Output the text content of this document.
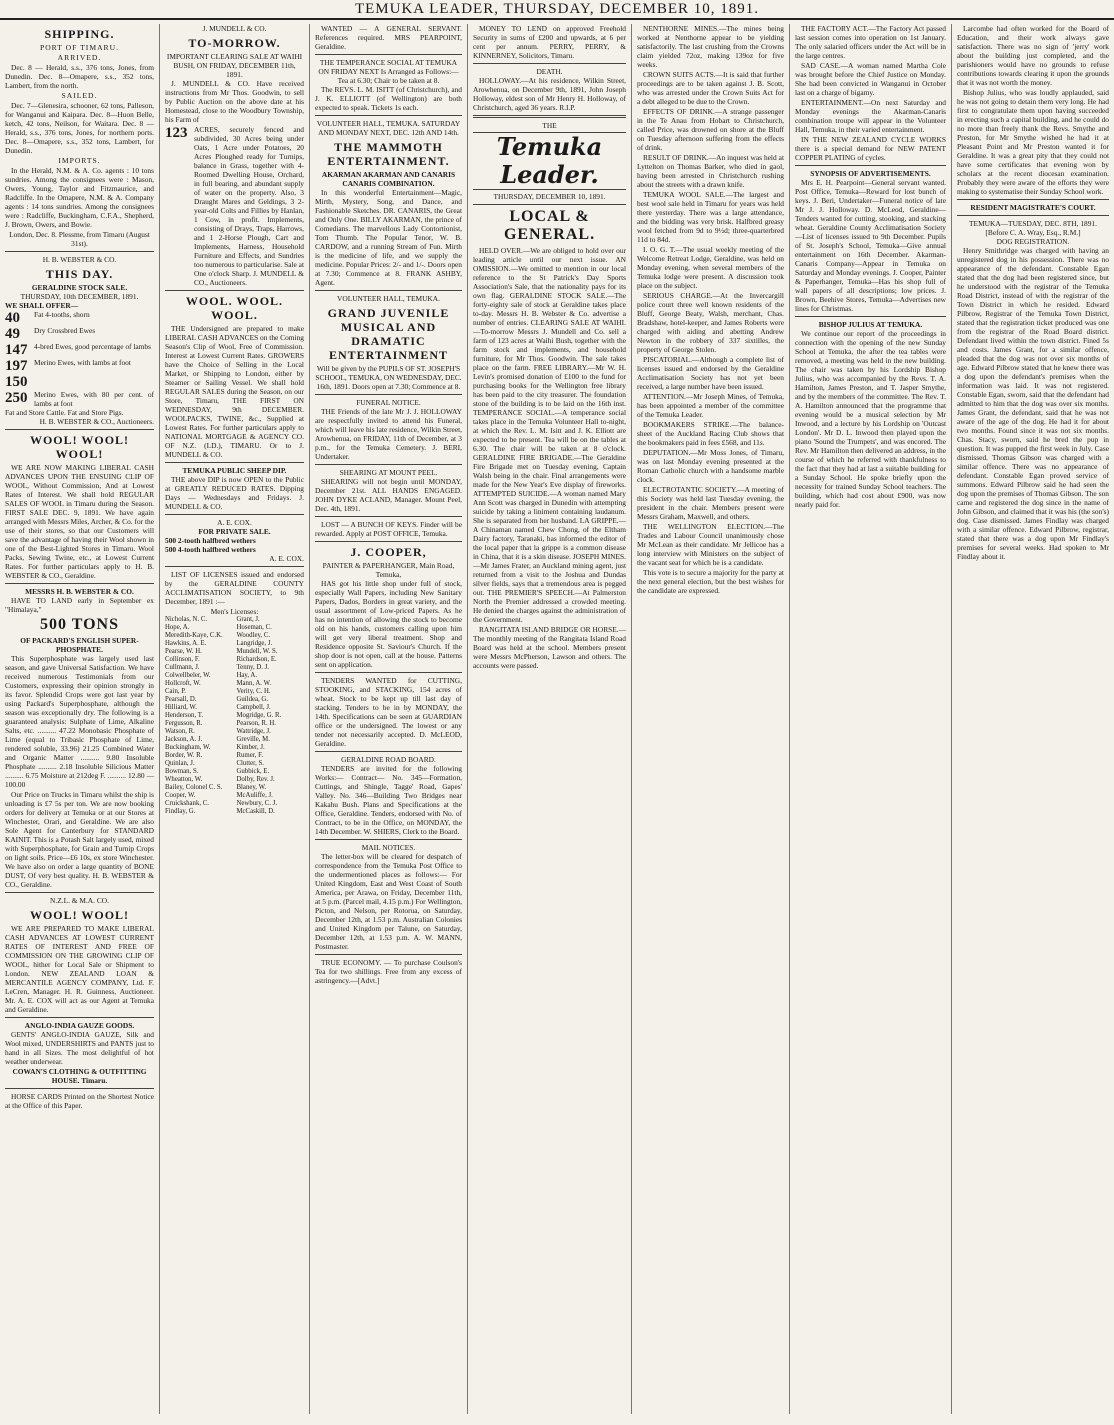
TEMUKA LEADER, THURSDAY, DECEMBER 10, 1891.
SHIPPING.
PORT OF TIMARU.
ARRIVED.
Dec. 8 — Herald, s.s., 376 tons, Jones, from Dunedin. Dec. 8—Omapere, s.s., 352 tons, Lambert, from the north.
SAILED.
Dec. 7—Glenesira, schooner, 62 tons, Palleson, for Wanganui and Kaipara. Dec. 8—Huon Belle, ketch, 42 tons, Neilson, for Waitara. Dec. 8 — Herald, s.s., 376 tons, Jones, for northern ports. Dec. 8—Omapere, s.s., 352 tons, Lambert, for Dunedin.
IMPORTS.
In the Herald, N.M. & A. Co. agents : 10 tons sundries. Among the consignees were : Mason, Owers, Young, Taylor and Fitzmaurice, and Radcliffe. In the Omapere, N.M. & A. Company agents : 14 tons sundries. Among the consignees were : Radcliffe, Buckingham, C.F.A., Shepherd, J. Brown, Owers, and Bowie.
London, Dec. 8. Plessme, from Timaru (August 31st).
H. B. WEBSTER & CO.
THIS DAY.
GERALDINE STOCK SALE.
THURSDAY, 10th DECEMBER, 1891.
WE SHALL OFFER—
40	Fat 4-tooths, shorn
49	Dry Crossbred Ewes
147 4-bred Ewes, good percentage of lambs
197 Merino Ewes, with lambs at foot
150
250 Merino Ewes, with 80 per cent. of lambs at foot
Fat and Store Cattle. Fat and Store Pigs.
H. B. WEBSTER & CO., Auctioneers.
WOOL! WOOL! WOOL!
WE ARE NOW MAKING LIBERAL CASH ADVANCES UPON THE ENSUING CLIP OF WOOL, Without Commission, And at Lowest Rates of Interest. We shall hold REGULAR SALES OF WOOL in Timaru during the Season. FIRST SALE DEC. 9, 1891. We have again arranged with Messrs Miles, Archer, & Co. for the use of their stores, so that our Customers will save the advantage of having their Wool shown in one of the Best-Lighted Stores in Timaru. Wool Packs, Sewing Twine, etc., at Lowest Current Rates. For further particulars apply to H. B. WEBSTER & CO., Geraldine.
MESSRS H. B. WEBSTER & CO.
HAVE TO LAND early in September ex "Himalaya,"
500 TONS
OF PACKARD'S ENGLISH SUPER-PHOSPHATE.
This Superphosphate was largely used last season, and gave Universal Satisfaction. We have received numerous Testimonials from our Customers, expressing their opinion strongly in its favor. Splendid Crops were got last year by using Packard's Superphosphate, although the season was exceptionally dry. The following is a guaranteed analysis: Sulphate of Lime, Alkaline Salts, etc. .......... 47.22 Monobasic Phosphate of Lime (equal to Tribasic Phosphate of Lime, rendered soluble, 33.96) 21.25 Combined Water and Organic Matter .......... 9.80 Insoluble Phosphate .......... 2.18 Insoluble Silicious Matter .......... 6.75 Moisture at 212deg F. .......... 12.80 — 100.00
Our Price on Trucks in Timaru whilst the ship is unloading is £7 5s per ton. We are now booking orders for delivery at Temuka or at our Stores at Winchester, Orari, and Geraldine. We are also Sole Agent for Canterbury for STANDARD KAINIT. This is a Potash Salt largely used, mixed with Superphosphate, for Grain and Turnip Crops on light soils. Price—£6 10s, ex store Winchester. We have also on order a large quantity of BONE DUST, Of very best quality. H. B. WEBSTER & CO., Geraldine.
N.Z.L. & M.A. CO.
WOOL! WOOL!
WE ARE PREPARED TO MAKE LIBERAL CASH ADVANCES AT LOWEST CURRENT RATES OF INTEREST AND FREE OF COMMISSION ON THE GROWING CLIP OF WOOL, hither for Local Sale or Shipment to London. NEW ZEALAND LOAN & MERCANTILE AGENCY COMPANY, Ltd. F. LeCren, Manager. H. R. Guinness, Auctioneer. Mr. A. E. COX will act as our Agent at Temuka and Geraldine.
ANGLO-INDIA GAUZE GOODS.
GENTS' ANGLO-INDIA GAUZE, Silk and Wool mixed, UNDERSHIRTS and PANTS just to hand in all Sizes. The most delightful of hot weather underwear.
COWAN'S CLOTHING & OUTFITTING HOUSE. Timaru.
HORSE CARDS Printed on the Shortest Notice at the Office of this Paper.
J. MUNDELL & CO.
TO-MORROW.
IMPORTANT CLEARING SALE AT WAIHI BUSH, ON FRIDAY, DECEMBER 11th, 1891.
J. MUNDELL & CO. Have received instructions from Mr Thos. Goodwin, to sell by Public Auction on the above date at his Homestead, close to the Woodbury Township, his Farm of
123 ACRES, securely fenced and subdivided, 30 Acres being under Oats, 1 Acre under Potatoes, 20 Acres Ploughed ready for Turnips, balance in Grass, together with 4-Roomed Dwelling House, Orchard, in full bearing, and abundant supply of water on the property. Also, 3 Draught Mares and Geldings, 3 2-year-old Colts and Fillies by Hanlan, 1 Cow, in profit. Implements, consisting of Drays, Traps, Harrows, and 1 2-Horse Plough, Cart and Implements, Harness, Household Furniture and Effects, and Sundries too numerous to particularise. Sale at One o'clock Sharp. J. MUNDELL & CO., Auctioneers.
WOOL. WOOL. WOOL.
THE Undersigned are prepared to make LIBERAL CASH ADVANCES on the Coming Season's Clip of Wool, Free of Commission. Interest at Lowest Current Rates. GROWERS have the Choice of Selling in the Local Market, or Shipping to London, either by Steamer or Sailing Vessel. We shall hold REGULAR SALES during the Season, on our Store, Timaru, THE FIRST ON WEDNESDAY, 9th DECEMBER. WOOLPACKS, TWINE, &c., Supplied at Lowest Rates. For further particulars apply to NATIONAL MORTGAGE & AGENCY CO. OF N.Z. (LD.), TIMARU. Or to J. MUNDELL & CO.
TEMUKA PUBLIC SHEEP DIP.
THE above DIP is now OPEN to the Public at GREATLY REDUCED RATES. Dipping Days — Wednesdays and Fridays. J. MUNDELL & CO.
A. E. COX.
FOR PRIVATE SALE.
500 2-tooth halfbred wethers
500 4-tooth halfbred wethers
A. E. COX.
LIST OF LICENSES issued and endorsed by the GERALDINE COUNTY ACCLIMATISATION SOCIETY, to 9th December, 1891 :—
Men's Licenses:
Nicholas, N. C.	Grant, J.
Hope, A.	Hoseman, C.
Meredith-Kaye, C.K.	Woodley, C.
Hawkins, A. E.	Langridge, J.
Pearse, W. H.	Mundell, W. S.
Collinson, F.	Richardson, E.
Cullmann, J.	Tenny, D. J.
Colwellbeler, W.	Hay, A.
Hollcroft, W.	Mann, A. W.
Cain, P.	Verity, C. H.
Pearsall, D.	Guildea, G.
Hilliard, W.	Campbell, J.
Henderson, T.	Mogridge, G. R.
Fergusson, R.	Pearson, R. H.
Watson, R.	Wattridge, J.
Jackson, A. J.	Greville, M.
Buckingham, W.	Kimber, J.
Border, W. R.	Rumer, F.
Quinlan, J.	Clutter, S.
Bowman, S.	Gubbick, E.
Wheatton, W.	Dolby, Rev. J.
Bailey, Colonel C. S.	Blaney, W.
Cooper, W.	McAuliffe, J.
Cruickshank, C.	Newbury, C. J.
Findlay, G.	McCaskill, D.
WANTED — A GENERAL SERVANT. References required. MRS PEARPOINT, Geraldine.
THE TEMPERANCE SOCIAL AT TEMUKA ON FRIDAY NEXT Is Arranged as Follows:— Tea at 6.30; Chair to be taken at 8.
The REVS. L. M. ISITT (of Christchurch), and J. K. ELLIOTT (of Wellington) are both expected to speak. Tickets 1s each.
VOLUNTEER HALL, TEMUKA. SATURDAY AND MONDAY NEXT, DEC. 12th AND 14th.
THE MAMMOTH ENTERTAINMENT.
AKARMAN AKARMAN AND CANARIS CANARIS COMBINATION.
In this wonderful Entertainment—Magic, Mirth, Mystery, Song, and Dance, and Fashionable Sketches. DR. CANARIS, the Great and Only One. BILLY AKARMAN, the prince of Comedians. The marvellous Lady Contortionist, Tom Thumb. The Popular Tenor, W. B. CARDOW, and a running Stream of Fun. Mirth is the medicine of life, and we supply the medicine. Popular Prices: 2/- and 1/-. Doors open at 7.30; Commence at 8. FRANK ASHBY, Agent.
VOLUNTEER HALL, TEMUKA.
GRAND JUVENILE MUSICAL AND DRAMATIC ENTERTAINMENT
Will be given by the PUPILS OF ST. JOSEPH'S SCHOOL, TEMUKA, ON WEDNESDAY, DEC. 16th, 1891. Doors open at 7.30; Commence at 8.
FUNERAL NOTICE.
THE Friends of the late Mr J. J. HOLLOWAY are respectfully invited to attend his Funeral, which will leave his late residence, Wilkin Street, Arowhenua, on FRIDAY, 11th of December, at 3 p.m., for the Temuka Cemetery. J. BERI, Undertaker.
SHEARING AT MOUNT PEEL.
SHEARING will not begin until MONDAY, December 21st. ALL HANDS ENGAGED. JOHN DYKE ACLAND, Manager. Mount Peel, Dec. 4th, 1891.
LOST — A BUNCH OF KEYS. Finder will be rewarded. Apply at POST OFFICE, Temuka.
J. COOPER,
PAINTER & PAPERHANGER, Main Road, Temuka,
HAS got his little shop under full of stock, especially Wall Papers, including New Sanitary Papers, Dados, Borders in great variety, and the usual assortment of Low-priced Papers. As he has no intention of allowing the stock to become old on his hands, customers calling upon him will get very liberal treatment. Shop and Residence opposite St. Saviour's Church. If the shop door is not open, call at the house. Patterns sent on application.
TENDERS WANTED for CUTTING, STOOKING, and STACKING, 154 acres of wheat. Stock to be kept up till last day of stacking. Tenders to be in by MONDAY, the 14th. Specifications can be seen at GUARDIAN office or the undersigned. The lowest or any tender not necessarily accepted. D. McLEOD, Geraldine.
GERALDINE ROAD BOARD.
TENDERS are invited for the following Works:— Contract— No. 345—Formation, Cuttings, and Shingle, Tagge' Road, Gapes' Valley. No. 346—Building Two Bridges near Kakahu Bush. Plans and Specifications at the Office, Geraldine. Tenders, endorsed with No. of Contract, to be in the Office, on MONDAY, the 14th December. W. SHIERS, Clerk to the Board.
MAIL NOTICES.
The letter-box will be cleared for despatch of correspondence from the Temuka Post Office to the undermentioned places as follows:— For United Kingdom, East and West Coast of South America, per Arawa, on Friday, December 11th, at 5 p.m. (Parcel mail, 4.15 p.m.) For Wellington, Picton, and Nelson, per Rotorua, on Saturday, December 12th, at 1.53 p.m. Australian Colonies and United Kingdom per Talune, on Saturday, December 12th, at 1.53 p.m. A. W. MANN, Postmaster.
TRUE ECONOMY. — To purchase Coulson's Tea for two shillings. Free from any excess of astringency.—[Advt.]
MONEY TO LEND on approved Freehold Security in sums of £200 and upwards, at 6 per cent per annum. PERRY, PERRY, & KINNERNEY, Solicitors, Timaru.
DEATH.
HOLLOWAY.—At his residence, Wilkin Street, Arowhenua, on December 9th, 1891, John Joseph Holloway, eldest son of Mr Henry H. Holloway, of Christchurch, aged 36 years. R.I.P.
THE
Temuka Leader.
THURSDAY, DECEMBER 10, 1891.
LOCAL & GENERAL.
HELD OVER.—We are obliged to hold over our leading article until our next issue. AN OMISSION.—We omitted to mention in our local reference to the St Patrick's Day Sports Association's Sale, that the nationality pays for its own flag. GERALDINE STOCK SALE.—The forty-eighty sale of stock at Geraldine takes place to-day. Messrs H. B. Webster & Co. advertise a number of entries. CLEARING SALE AT WAIHI.—To-morrow Messrs J. Mundell and Co. sell a farm of 123 acres at Waihi Bush, together with the farm stock and implements, and household furniture, for Mr Thos. Goodwin. The sale takes place on the farm. FREE LIBRARY.—Mr W. H. Levin's promised donation of £100 to the fund for purchasing books for the Wellington free library has been paid to the city treasurer. The foundation stone of the building is to be laid on the 16th inst. TEMPERANCE SOCIAL.—A temperance social takes place in the Temuka Volunteer Hall to-night, at which the Rev. L. M. Isitt and J. K. Elliott are expected to be present. Tea will be on the tables at 6.30. The chair will be taken at 8 o'clock. GERALDINE FIRE BRIGADE.—The Geraldine Fire Brigade met on Tuesday evening, Captain Walsh being in the chair. Final arrangements were made for the New Year's Eve display of fireworks. ATTEMPTED SUICIDE.—A woman named Mary Ann Scott was charged in Dunedin with attempting suicide by taking a liniment containing laudanum. She is separated from her husband. LA GRIPPE.—A Chinaman named Chew Chong, of the Eltham Dairy factory, Taranaki, has informed the editor of the local paper that la grippe is a common disease in China, that it is a skin disease. JOSEPH MINES.—Mr James Frater, an Auckland mining agent, just returned from a visit to the Joshua and Dundas silver fields, says that a tremendous area is pegged out. THE PREMIER'S SPEECH.—At Palmerston North the Premier addressed a crowded meeting. He denied the charges against the administration of the Government.
RANGITATA ISLAND BRIDGE OR HORSE.—The monthly meeting of the Rangitata Island Road Board was held at the school. Members present were Messrs McPherson, Lawson and others. The accounts were passed.
NENTHORNE MINES.—The mines being worked at Nenthorne appear to be yielding satisfactorily. The last crushing from the Crowns claim yielded 72oz, making 139oz for five weeks.
CROWN SUITS ACTS.—It is said that further proceedings are to be taken against J. B. Scott, who was arrested under the Crown Suits Act for a debt alleged to be due to the Crown.
EFFECTS OF DRINK.—A strange passenger in the Te Anau from Hobart to Christchurch, called Price, was drowned on shore at the Bluff on Tuesday afternoon suffering from the effects of drink.
RESULT OF DRINK.—An inquest was held at Lyttelton on Thomas Barker, who died in gaol, having been arrested in Christchurch rushing about the streets with a drawn knife.
TEMUKA WOOL SALE.—The largest and best wool sale held in Timaru for years was held there yesterday. There was a large attendance, and the bidding was very brisk. Halfbred greasy wool fetched from 9d to 9½d; three-quarterbred 11d to 84d.
I. O. G. T.—The usual weekly meeting of the Welcome Retreat Lodge, Geraldine, was held on Monday evening, when several members of the Temuka lodge were present. A discussion took place on the subject.
SERIOUS CHARGE.—At the Invercargill police court three well known residents of the Bluff, George Beaty, Walsh, merchant, Chas. Bradshaw, hotel-keeper, and James Roberts were charged with aiding and abetting Andrew Newton in the robbery of 337 sixtilles, the property of George Stolen.
PISCATORIAL.—Although a complete list of licenses issued and endorsed by the Geraldine Acclimatisation Society has not yet been received, a large number have been issued.
ATTENTION.—Mr Joseph Mines, of Temuka, has been appointed a member of the committee of the Temuka Leader.
BOOKMAKERS STRIKE.—The balance-sheet of the Auckland Racing Club shows that the bookmakers paid in fees £568, and 11s.
DEPUTATION.—Mr Moss Jones, of Timaru, was on last Monday evening presented at the Roman Catholic church with a handsome marble clock.
ELECTROTANTIC SOCIETY.—A meeting of this Society was held last Tuesday evening, the president in the chair. Members present were Messrs Graham, Maxwell, and others.
THE WELLINGTON ELECTION.—The Trades and Labour Council unanimously chose Mr McLean as their candidate. Mr Jellicoe has a long interview with Ministers on the subject of the vacant seat for which he is a candidate.
This vote is to secure a majority for the party at the next general election, but the best wishes for the candidate are expressed.
THE FACTORY ACT.—The Factory Act passed last session comes into operation on 1st January. The only salaried officers under the Act will be in the large centres.
SAD CASE.—A woman named Martha Cole was brought before the Chief Justice on Monday. She had been convicted in Wanganui in October last on a charge of bigamy.
ENTERTAINMENT.—On next Saturday and Monday evenings the Akarman-Canaris combination troupe will appear in the Volunteer Hall, Temuka, in their varied entertainment.
IN THE NEW ZEALAND CYCLE WORKS there is a special demand for NEW PATENT COPPER PLATING of cycles.
SYNOPSIS OF ADVERTISEMENTS.
Mrs E. H. Pearpoint—General servant wanted. Post Office, Temuka—Reward for lost bunch of keys. J. Beri, Undertaker—Funeral notice of late Mr J. J. Holloway. D. McLeod, Geraldine—Tenders wanted for cutting, stooking, and stacking wheat. Geraldine County Acclimatisation Society—List of licenses issued to 9th December. Pupils of St. Joseph's School, Temuka—Give annual entertainment on 16th December. Akarman-Canaris Company—Appear in Temuka on Saturday and Monday evenings. J. Cooper, Painter & Paperhanger, Temuka—Has his shop full of wall papers of all descriptions; low prices. J. Brown, Beehive Stores, Temuka—Advertises new lines for Christmas.
BISHOP JULIUS AT TEMUKA.
We continue our report of the proceedings in connection with the opening of the new Sunday School at Temuka, the after the tea tables were removed, a meeting was held in the new building. The chair was taken by his Lordship Bishop Julius, who was accompanied by the Revs. T. A. Hamilton, James Preston, and T. Jasper Smythe, and by the members of the committee. The Rev. T. A. Hamilton announced that the programme that evening would be a musical selection by Mr Inwood, and a lecture by his Lordship on 'Outcast London'. Mr D. L. Inwood then played upon the piano 'Sound the Trumpets', and was encored. The Rev. Mr Hamilton then delivered an address, in the course of which he referred with thankfulness to the fact that they had at last a suitable building for a Sunday School. He spoke briefly upon the necessity for trained Sunday School teachers. The building, which had cost about £900, was now nearly paid for.
Larcombe had often worked for the Board of Education, and their work always gave satisfaction. There was no sign of 'jerry' work about the building just completed, and the parishioners would have no grounds to refuse contributions towards clearing it upon the grounds that it was not worth the money.
Bishop Julius, who was loudly applauded, said he was not going to detain them very long. He had first to congratulate them upon having succeeded in erecting such a capital building, and he could do no more than freely thank the Revs. Smythe and Preston, for Mr Smythe wished he had it at Pleasant Point and Mr Preston wanted it for Geraldine. It was a great pity that they could not have some certificates that evening won by scholars at the recent diocesan examination. Probably they were aware of the efforts they were making to systematise their Sunday School work.
RESIDENT MAGISTRATE'S COURT.
TEMUKA—TUESDAY, DEC. 8TH, 1891.
[Before C. A. Wray, Esq., R.M.]
DOG REGISTRATION.
Henry Smithridge was charged with having an unregistered dog in his possession. There was no appearance of the defendant. Constable Egan stated that the dog had been registered since, but he understood with the registrar of the Temuka Road District, instead of with the registrar of the Town District in which he resided. Edward Pilbrow, Registrar of the Temuka Town District, stated that the registration ticket produced was one from the registrar of the Road Board district. Defendant lived within the town district. Fined 5s and costs. James Grant, for a similar offence, pleaded that the dog was not over six months of age. Edward Pilbrow stated that he knew there was a dog upon the defendant's premises when the information was laid. It was not registered. Constable Egan, sworn, said that the defendant had admitted to him that the dog was over six months. James Grant, the defendant, said that he was not aware of the age of the dog. He had it for about two months. Found since it was not six months. Chas. Stacy, sworn, said he bred the pup in question. It was pupped the first week in July. Case dismissed. Thomas Gibson was charged with a similar offence. There was no appearance of defendant. Constable Egan proved service of summons. Edward Pilbrow said he had seen the dog upon the premises of Thomas Gibson. The son came and registered the dog since in the name of John Gibson, and claimed that it was his (the son's) dog. Case dismissed. James Findlay was charged with a similar offence. Edward Pilbrow, registrar, stated that there was a dog upon Mr Findlay's premises for several weeks. Had spoken to Mr Findlay about it.
